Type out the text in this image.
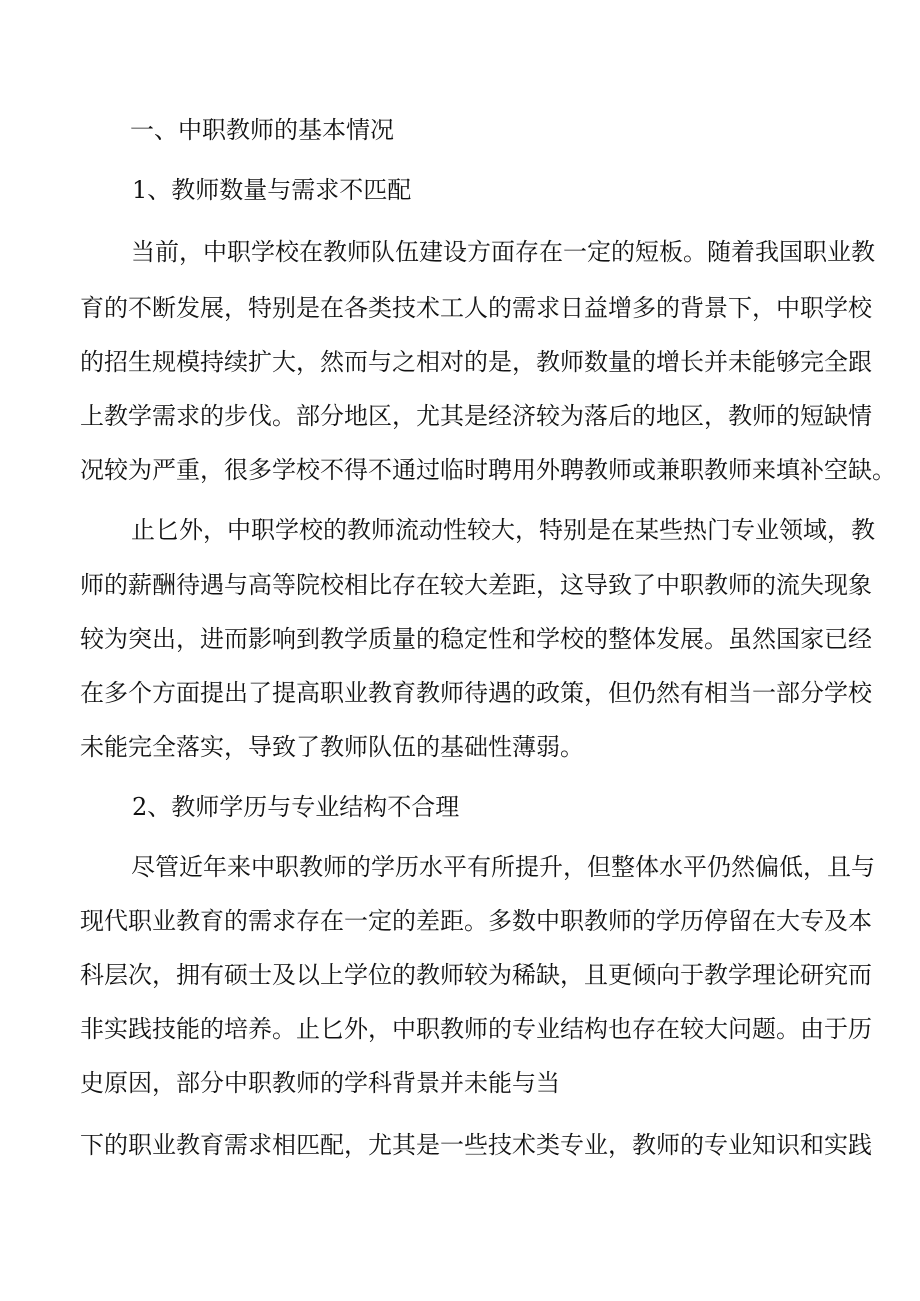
一、中职教师的基本情况

1、教师数量与需求不匹配

当前，中职学校在教师队伍建设方面存在一定的短板。随着我国职业教

育的不断发展，特别是在各类技术工人的需求日益增多的背景下，中职学校

的招生规模持续扩大，然而与之相对的是，教师数量的增长并未能够完全跟

上教学需求的步伐。部分地区，尤其是经济较为落后的地区，教师的短缺情

况较为严重，很多学校不得不通过临时聘用外聘教师或兼职教师来填补空缺。

止匕外，中职学校的教师流动性较大，特别是在某些热门专业领域，教

师的薪酬待遇与高等院校相比存在较大差距，这导致了中职教师的流失现象

较为突出，进而影响到教学质量的稳定性和学校的整体发展。虽然国家已经

在多个方面提出了提高职业教育教师待遇的政策，但仍然有相当一部分学校

未能完全落实，导致了教师队伍的基础性薄弱。

2、教师学历与专业结构不合理

尽管近年来中职教师的学历水平有所提升，但整体水平仍然偏低，且与

现代职业教育的需求存在一定的差距。多数中职教师的学历停留在大专及本

科层次，拥有硕士及以上学位的教师较为稀缺，且更倾向于教学理论研究而

非实践技能的培养。止匕外，中职教师的专业结构也存在较大问题。由于历

史原因，部分中职教师的学科背景并未能与当

下的职业教育需求相匹配，尤其是一些技术类专业，教师的专业知识和实践
